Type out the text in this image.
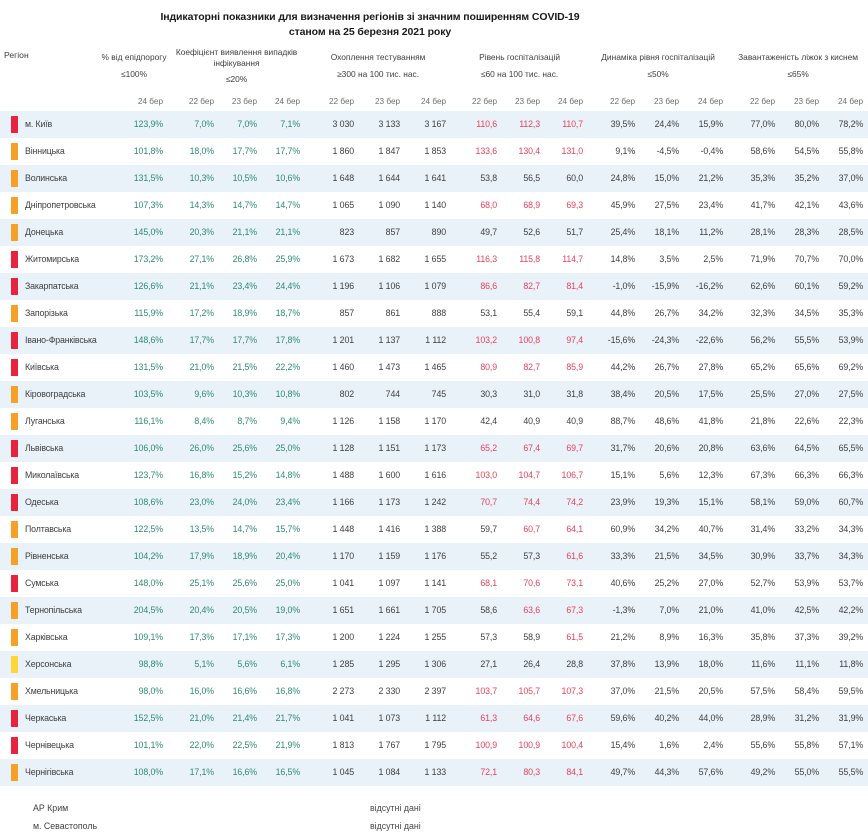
Індикаторні показники для визначення регіонів зі значним поширенням COVID-19
станом на 25 березня 2021 року
Регіон		% від епідпорогу
≤100%	Коефіцієнт виявлення випадків інфікування
≤20%				Охоплення тестуванням
≥300 на 100 тис. нас.				Рівень госпіталізацій
≤60 на 100 тис. нас.				Динаміка рівня госпіталізацій
≤50%				Завантаженість ліжок з киснем
≤65%			

		24 бер		22 бер	23 бер	24 бер		22 бер	23 бер	24 бер		22 бер	23 бер	24 бер		22 бер	23 бер	24 бер		22 бер	23 бер	24 бер

	м. Київ	123,9%		7,0%	7,0%	7,1%		3 030	3 133	3 167		110,6	112,3	110,7		39,5%	24,4%	15,9%		77,0%	80,0%	78,2%

	Вінницька	101,8%		18,0%	17,7%	17,7%		1 860	1 847	1 853		133,6	130,4	131,0		9,1%	-4,5%	-0,4%		58,6%	54,5%	55,8%

	Волинська	131,5%		10,3%	10,5%	10,6%		1 648	1 644	1 641		53,8	56,5	60,0		24,8%	15,0%	21,2%		35,3%	35,2%	37,0%

	Дніпропетровська	107,3%		14,3%	14,7%	14,7%		1 065	1 090	1 140		68,0	68,9	69,3		45,9%	27,5%	23,4%		41,7%	42,1%	43,6%

	Донецька	145,0%		20,3%	21,1%	21,1%		823	857	890		49,7	52,6	51,7		25,4%	18,1%	11,2%		28,1%	28,3%	28,5%

	Житомирська	173,2%		27,1%	26,8%	25,9%		1 673	1 682	1 655		116,3	115,8	114,7		14,8%	3,5%	2,5%		71,9%	70,7%	70,0%

	Закарпатська	126,6%		21,1%	23,4%	24,4%		1 196	1 106	1 079		86,6	82,7	81,4		-1,0%	-15,9%	-16,2%		62,6%	60,1%	59,2%

	Запорізька	115,9%		17,2%	18,9%	18,7%		857	861	888		53,1	55,4	59,1		44,8%	26,7%	34,2%		32,3%	34,5%	35,3%

	Івано-Франківська	148,6%		17,7%	17,7%	17,8%		1 201	1 137	1 112		103,2	100,8	97,4		-15,6%	-24,3%	-22,6%		56,2%	55,5%	53,9%

	Київська	131,5%		21,0%	21,5%	22,2%		1 460	1 473	1 465		80,9	82,7	85,9		44,2%	26,7%	27,8%		65,2%	65,6%	69,2%

	Кіровоградська	103,5%		9,6%	10,3%	10,8%		802	744	745		30,3	31,0	31,8		38,4%	20,5%	17,5%		25,5%	27,0%	27,5%

	Луганська	116,1%		8,4%	8,7%	9,4%		1 126	1 158	1 170		42,4	40,9	40,9		88,7%	48,6%	41,8%		21,8%	22,6%	22,3%

	Львівська	106,0%		26,0%	25,6%	25,0%		1 128	1 151	1 173		65,2	67,4	69,7		31,7%	20,6%	20,8%		63,6%	64,5%	65,5%

	Миколаївська	123,7%		16,8%	15,2%	14,8%		1 488	1 600	1 616		103,0	104,7	106,7		15,1%	5,6%	12,3%		67,3%	66,3%	66,3%

	Одеська	108,6%		23,0%	24,0%	23,4%		1 166	1 173	1 242		70,7	74,4	74,2		23,9%	19,3%	15,1%		58,1%	59,0%	60,7%

	Полтавська	122,5%		13,5%	14,7%	15,7%		1 448	1 416	1 388		59,7	60,7	64,1		60,9%	34,2%	40,7%		31,4%	33,2%	34,3%

	Рівненська	104,2%		17,9%	18,9%	20,4%		1 170	1 159	1 176		55,2	57,3	61,6		33,3%	21,5%	34,5%		30,9%	33,7%	34,3%

	Сумська	148,0%		25,1%	25,6%	25,0%		1 041	1 097	1 141		68,1	70,6	73,1		40,6%	25,2%	27,0%		52,7%	53,9%	53,7%

	Тернопільська	204,5%		20,4%	20,5%	19,0%		1 651	1 661	1 705		58,6	63,6	67,3		-1,3%	7,0%	21,0%		41,0%	42,5%	42,2%

	Харківська	109,1%		17,3%	17,1%	17,3%		1 200	1 224	1 255		57,3	58,9	61,5		21,2%	8,9%	16,3%		35,8%	37,3%	39,2%

	Херсонська	98,8%		5,1%	5,6%	6,1%		1 285	1 295	1 306		27,1	26,4	28,8		37,8%	13,9%	18,0%		11,6%	11,1%	11,8%

	Хмельницька	98,0%		16,0%	16,6%	16,8%		2 273	2 330	2 397		103,7	105,7	107,3		37,0%	21,5%	20,5%		57,5%	58,4%	59,5%

	Черкаська	152,5%		21,0%	21,4%	21,7%		1 041	1 073	1 112		61,3	64,6	67,6		59,6%	40,2%	44,0%		28,9%	31,2%	31,9%

	Чернівецька	101,1%		22,0%	22,5%	21,9%		1 813	1 767	1 795		100,9	100,9	100,4		15,4%	1,6%	2,4%		55,6%	55,8%	57,1%

	Чернігівська	108,0%		17,1%	16,6%	16,5%		1 045	1 084	1 133		72,1	80,3	84,1		49,7%	44,3%	57,6%		49,2%	55,0%	55,5%
АР Крим	відсутні дані
м. Севастополь	відсутні дані
